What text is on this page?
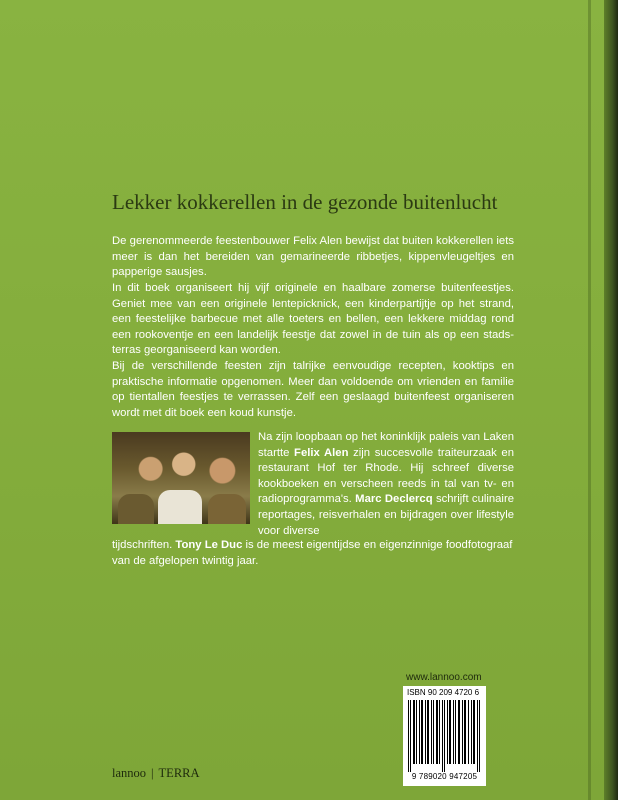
Lekker kokkerellen in de gezonde buitenlucht

De gerenommeerde feestenbouwer Felix Alen bewijst dat buiten kokkerellen iets meer is dan het bereiden van gemarineerde ribbetjes, kippenvleugeltjes en papperige sausjes.

In dit boek organiseert hij vijf originele en haalbare zomerse buitenfeestjes. Geniet mee van een originele lentepicknick, een kinderpartijtje op het strand, een feestelijke barbecue met alle toeters en bellen, een lekkere middag rond een rookoventje en een landelijk feestje dat zowel in de tuin als op een stads-terras georganiseerd kan worden.

Bij de verschillende feesten zijn talrijke eenvoudige recepten, kooktips en praktische informatie opgenomen. Meer dan voldoende om vrienden en familie op tientallen feestjes te verrassen. Zelf een geslaagd buitenfeest organiseren wordt met dit boek een koud kunstje.

Na zijn loopbaan op het koninklijk paleis van Laken startte Felix Alen zijn succesvolle traiteurzaak en restaurant Hof ter Rhode. Hij schreef diverse kookboeken en verscheen reeds in tal van tv- en radioprogramma's. Marc Declercq schrijft culinaire reportages, reisverhalen en bijdragen over lifestyle voor diverse

tijdschriften. Tony Le Duc is de meest eigentijdse en eigenzinnige foodfotograaf van de afgelopen twintig jaar.

www.lannoo.com
ISBN 90 209 4720 6
9 789020 947205
lannoo | TERRA
